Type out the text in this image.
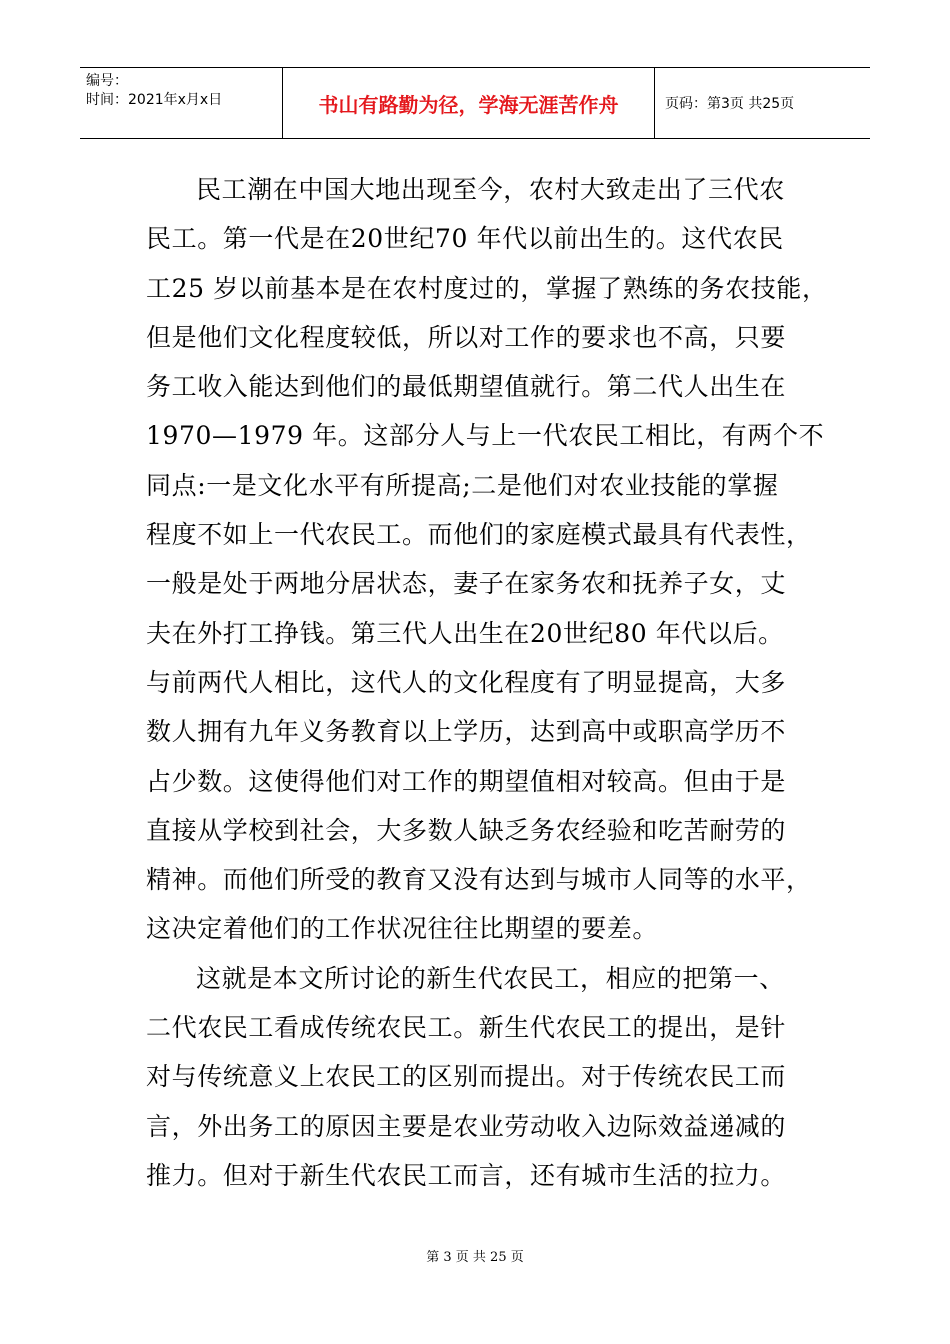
编号：
时间：2021年x月x日	书山有路勤为径，学海无涯苦作舟	页码：第3页 共25页

民工潮在中国大地出现至今，农村大致走出了三代农

民工。第一代是在20世纪70 年代以前出生的。这代农民

工25 岁以前基本是在农村度过的，掌握了熟练的务农技能，

但是他们文化程度较低，所以对工作的要求也不高，只要

务工收入能达到他们的最低期望值就行。第二代人出生在

1970—1979 年。这部分人与上一代农民工相比，有两个不

同点:一是文化水平有所提高;二是他们对农业技能的掌握

程度不如上一代农民工。而他们的家庭模式最具有代表性，

一般是处于两地分居状态，妻子在家务农和抚养子女，丈

夫在外打工挣钱。第三代人出生在20世纪80 年代以后。

与前两代人相比，这代人的文化程度有了明显提高，大多

数人拥有九年义务教育以上学历，达到高中或职高学历不

占少数。这使得他们对工作的期望值相对较高。但由于是

直接从学校到社会，大多数人缺乏务农经验和吃苦耐劳的

精神。而他们所受的教育又没有达到与城市人同等的水平，

这决定着他们的工作状况往往比期望的要差。

这就是本文所讨论的新生代农民工，相应的把第一、

二代农民工看成传统农民工。新生代农民工的提出，是针

对与传统意义上农民工的区别而提出。对于传统农民工而

言，外出务工的原因主要是农业劳动收入边际效益递减的

推力。但对于新生代农民工而言，还有城市生活的拉力。

第 3 页 共 25 页
